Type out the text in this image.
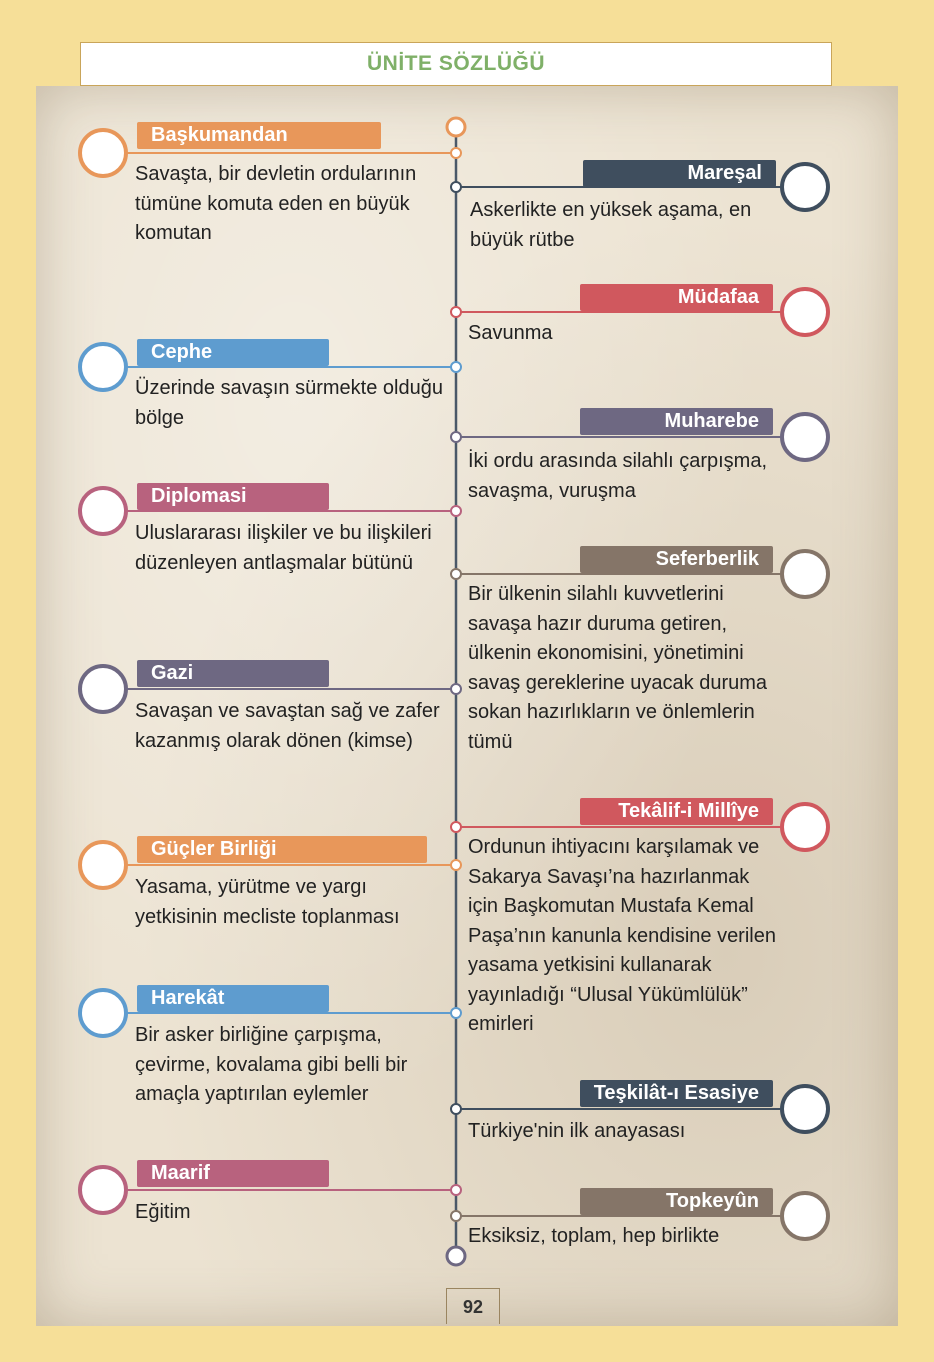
ÜNİTE SÖZLÜĞÜ
Başkumandan
Savaşta, bir devletin ordularının tümüne komuta eden en büyük komutan
Cephe
Üzerinde savaşın sürmekte olduğu bölge
Diplomasi
Uluslararası ilişkiler ve bu ilişkileri düzenleyen antlaşmalar bütünü
Gazi
Savaşan ve savaştan sağ ve zafer kazanmış olarak dönen (kimse)
Güçler Birliği
Yasama, yürütme ve yargı yetkisinin mecliste toplanması
Harekât
Bir asker birliğine çarpışma, çevirme, kovalama gibi belli bir amaçla yaptırılan eylemler
Maarif
Eğitim
Mareşal
Askerlikte en yüksek aşama, en büyük rütbe
Müdafaa
Savunma
Muharebe
İki ordu arasında silahlı çarpışma, savaşma, vuruşma
Seferberlik
Bir ülkenin silahlı kuvvetlerini savaşa hazır duruma getiren, ülkenin ekonomisini, yönetimini savaş gereklerine uyacak duruma sokan hazırlıkların ve önlemlerin tümü
Tekâlif-i Millîye
Ordunun ihtiyacını karşılamak ve Sakarya Savaşı’na hazırlanmak için Başkomutan Mustafa Kemal Paşa’nın kanunla kendisine verilen yasama yetkisini kullanarak yayınladığı “Ulusal Yükümlülük” emirleri
Teşkilât-ı Esasiye
Türkiye'nin ilk anayasası
Topkeyûn
Eksiksiz, toplam, hep birlikte
92
